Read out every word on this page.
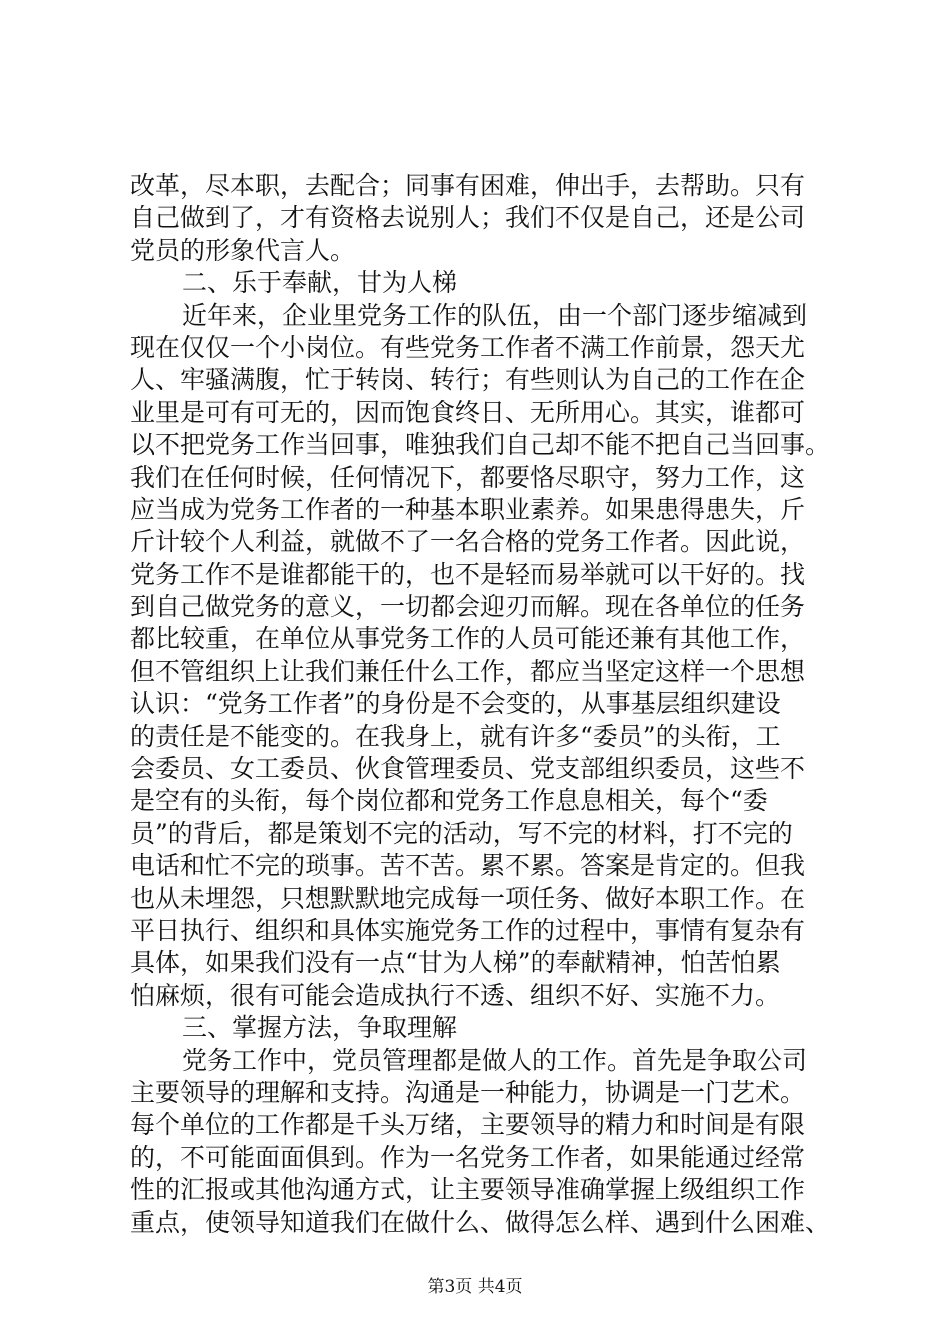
改革，尽本职，去配合；同事有困难，伸出手，去帮助。只有
自己做到了，才有资格去说别人；我们不仅是自己，还是公司
党员的形象代言人。
二、乐于奉献，甘为人梯
近年来，企业里党务工作的队伍，由一个部门逐步缩减到
现在仅仅一个小岗位。有些党务工作者不满工作前景，怨天尤
人、牢骚满腹，忙于转岗、转行；有些则认为自己的工作在企
业里是可有可无的，因而饱食终日、无所用心。其实，谁都可
以不把党务工作当回事，唯独我们自己却不能不把自己当回事。
我们在任何时候，任何情况下，都要恪尽职守，努力工作，这
应当成为党务工作者的一种基本职业素养。如果患得患失，斤
斤计较个人利益，就做不了一名合格的党务工作者。因此说，
党务工作不是谁都能干的，也不是轻而易举就可以干好的。找
到自己做党务的意义，一切都会迎刃而解。现在各单位的任务
都比较重，在单位从事党务工作的人员可能还兼有其他工作，
但不管组织上让我们兼任什么工作，都应当坚定这样一个思想
认识：“党务工作者”的身份是不会变的，从事基层组织建设
的责任是不能变的。在我身上，就有许多“委员”的头衔，工
会委员、女工委员、伙食管理委员、党支部组织委员，这些不
是空有的头衔，每个岗位都和党务工作息息相关，每个“委
员”的背后，都是策划不完的活动，写不完的材料，打不完的
电话和忙不完的琐事。苦不苦。累不累。答案是肯定的。但我
也从未埋怨，只想默默地完成每一项任务、做好本职工作。在
平日执行、组织和具体实施党务工作的过程中，事情有复杂有
具体，如果我们没有一点“甘为人梯”的奉献精神，怕苦怕累
怕麻烦，很有可能会造成执行不透、组织不好、实施不力。
三、掌握方法，争取理解
党务工作中，党员管理都是做人的工作。首先是争取公司
主要领导的理解和支持。沟通是一种能力，协调是一门艺术。
每个单位的工作都是千头万绪，主要领导的精力和时间是有限
的，不可能面面俱到。作为一名党务工作者，如果能通过经常
性的汇报或其他沟通方式，让主要领导准确掌握上级组织工作
重点，使领导知道我们在做什么、做得怎么样、遇到什么困难、
第3页 共4页
